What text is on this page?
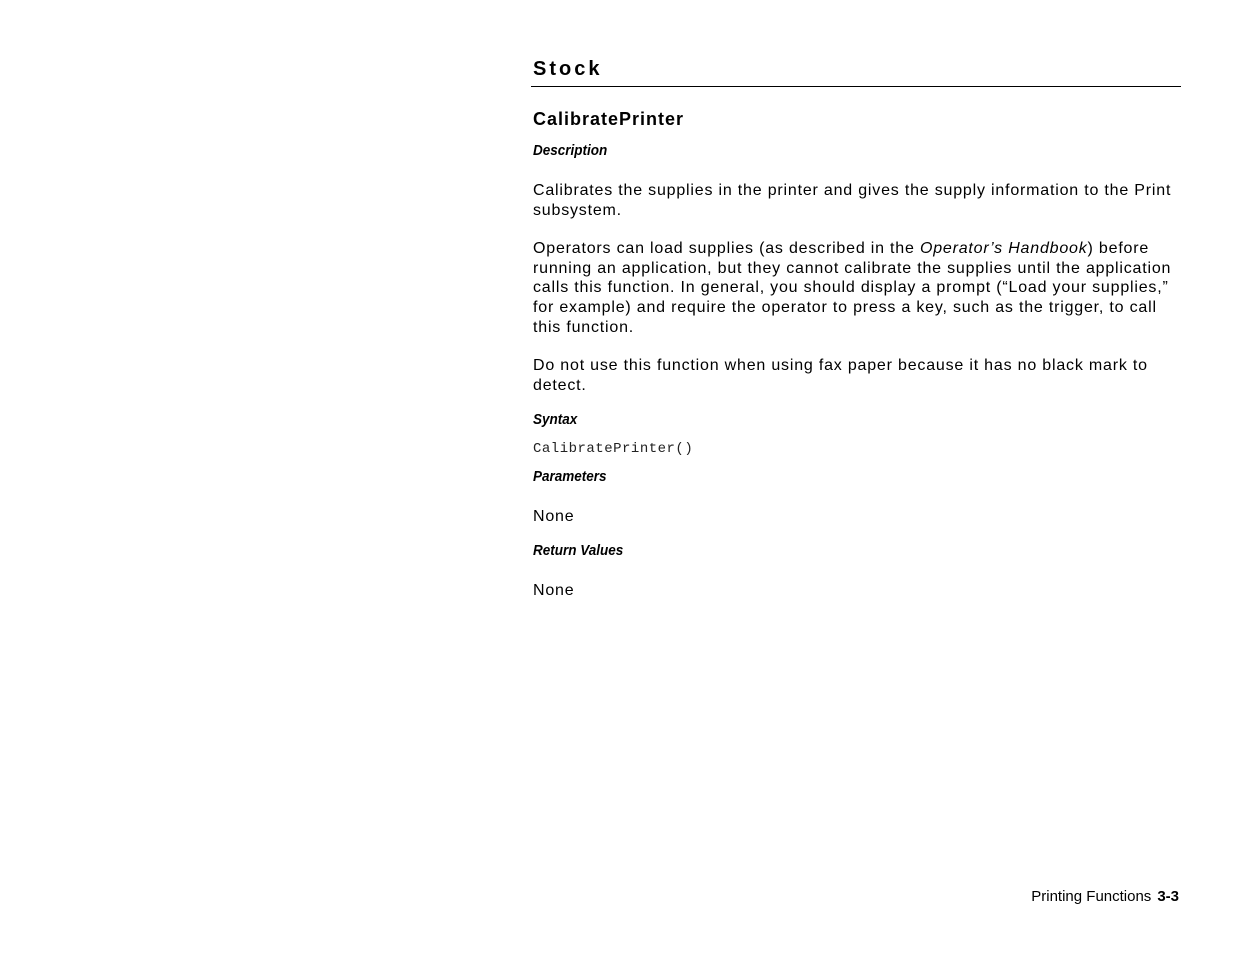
Stock
CalibratePrinter
Description

Calibrates the supplies in the printer and gives the supply information to the Print subsystem.

Operators can load supplies (as described in the Operator’s Handbook) before running an application, but they cannot calibrate the supplies until the application calls this function. In general, you should display a prompt (“Load your supplies,” for example) and require the operator to press a key, such as the trigger, to call this function.

Do not use this function when using fax paper because it has no black mark to detect.

Syntax
CalibratePrinter()
Parameters

None

Return Values

None

Printing Functions 3-3
